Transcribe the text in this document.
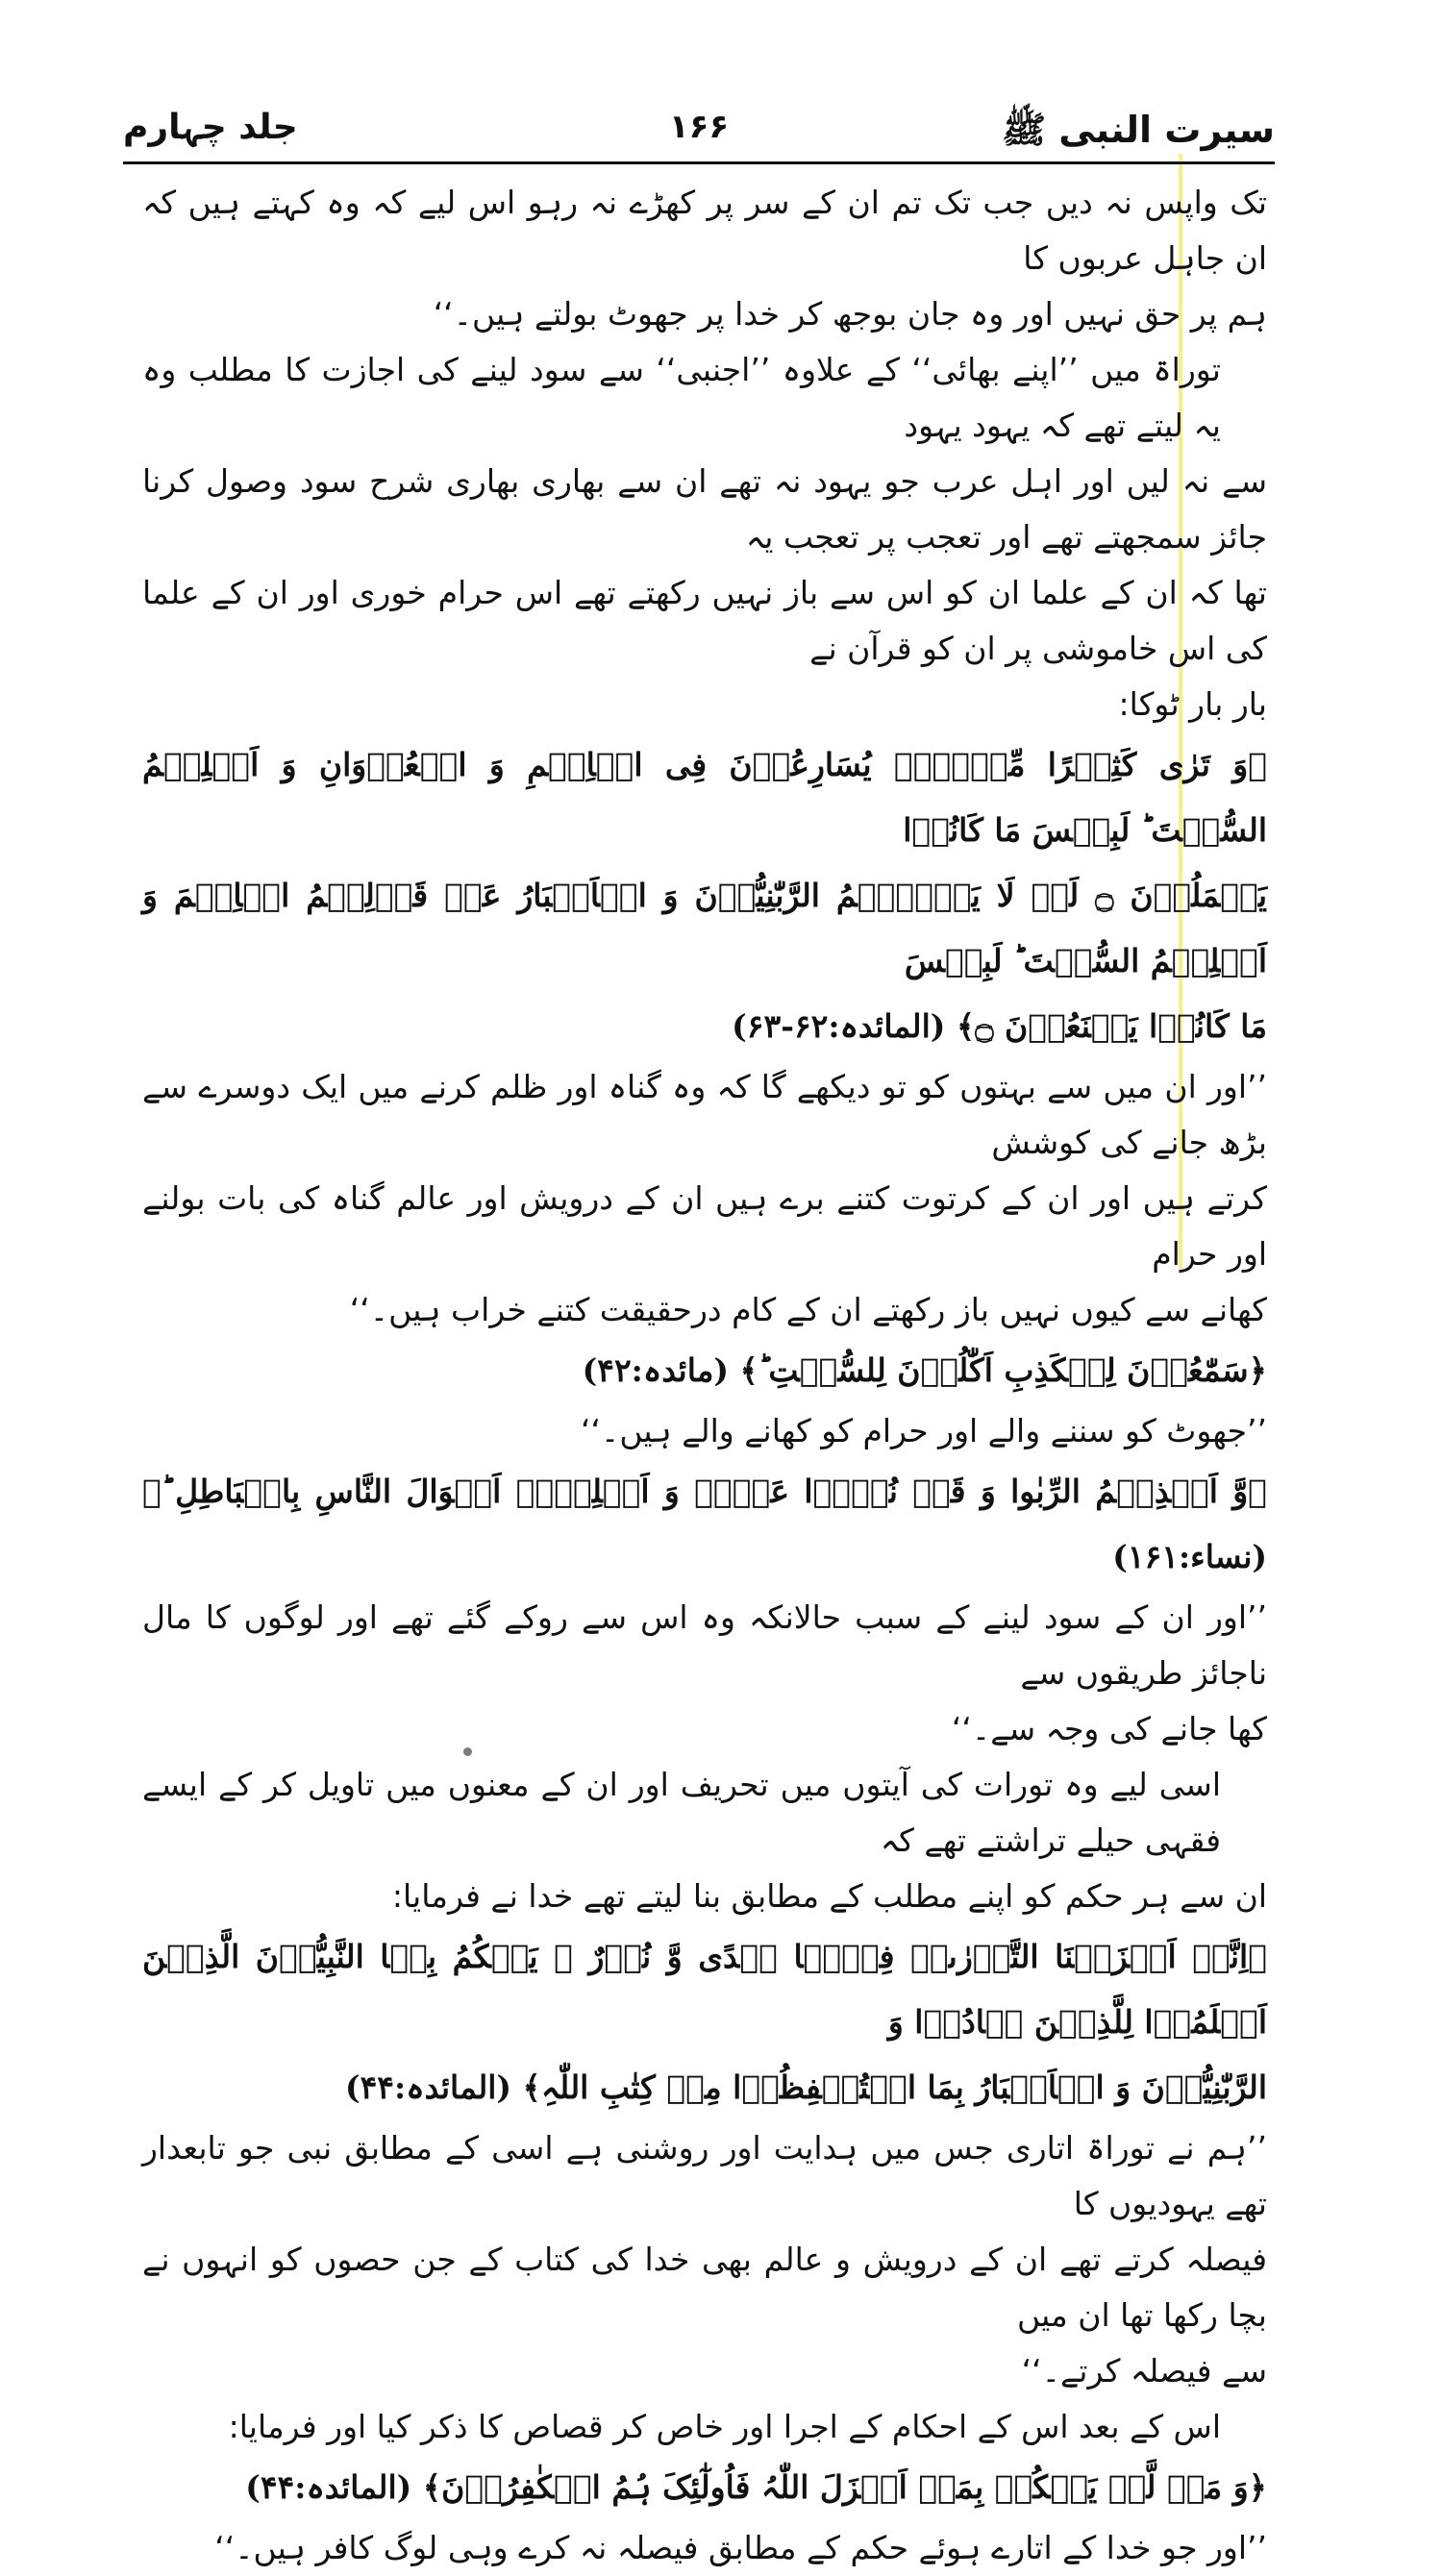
سیرت النبی ﷺ
۱۶۶
جلد چہارم

تک واپس نہ دیں جب تک تم ان کے سر پر کھڑے نہ رہو اس لیے کہ وہ کہتے ہیں کہ ان جاہل عربوں کا

ہم پر حق نہیں اور وہ جان بوجھ کر خدا پر جھوٹ بولتے ہیں۔‘‘

توراۃ میں ’’اپنے بھائی‘‘ کے علاوہ ’’اجنبی‘‘ سے سود لینے کی اجازت کا مطلب وہ یہ لیتے تھے کہ یہود یہود

سے نہ لیں اور اہل عرب جو یہود نہ تھے ان سے بھاری بھاری شرح سود وصول کرنا جائز سمجھتے تھے اور تعجب پر تعجب یہ

تھا کہ ان کے علما ان کو اس سے باز نہیں رکھتے تھے اس حرام خوری اور ان کے علما کی اس خاموشی پر ان کو قرآن نے

بار بار ٹوکا:

﴿وَ تَرٰی کَثِیۡرًا مِّنۡہُمۡ یُسَارِعُوۡنَ فِی الۡاِثۡمِ وَ الۡعُدۡوَانِ وَ اَکۡلِہِمُ السُّحۡتَ ؕ لَبِئۡسَ مَا کَانُوۡا

یَعۡمَلُوۡنَ ۝ لَوۡ لَا یَنۡہٰہُمُ الرَّبّٰنِیُّوۡنَ وَ الۡاَحۡبَارُ عَنۡ قَوۡلِہِمُ الۡاِثۡمَ وَ اَکۡلِہِمُ السُّحۡتَ ؕ لَبِئۡسَ

مَا کَانُوۡا یَصۡنَعُوۡنَ ۝﴾ (المائدہ:۶۲-۶۳)

’’اور ان میں سے بہتوں کو تو دیکھے گا کہ وہ گناہ اور ظلم کرنے میں ایک دوسرے سے بڑھ جانے کی کوشش

کرتے ہیں اور ان کے کرتوت کتنے برے ہیں ان کے درویش اور عالم گناہ کی بات بولنے اور حرام

کھانے سے کیوں نہیں باز رکھتے ان کے کام درحقیقت کتنے خراب ہیں۔‘‘

﴿سَمّٰعُوۡنَ لِلۡکَذِبِ اَکّٰلُوۡنَ لِلسُّحۡتِ ؕ﴾ (مائدہ:۴۲)

’’جھوٹ کو سننے والے اور حرام کو کھانے والے ہیں۔‘‘

﴿وَّ اَخۡذِہِمُ الرِّبٰوا وَ قَدۡ نُہُوۡا عَنۡہُ وَ اَکۡلِہِمۡ اَمۡوَالَ النَّاسِ بِالۡبَاطِلِ ؕ﴾ (نساء:۱۶۱)

’’اور ان کے سود لینے کے سبب حالانکہ وہ اس سے روکے گئے تھے اور لوگوں کا مال ناجائز طریقوں سے

کھا جانے کی وجہ سے۔‘‘

اسی لیے وہ تورات کی آیتوں میں تحریف اور ان کے معنوں میں تاویل کر کے ایسے فقہی حیلے تراشتے تھے کہ

ان سے ہر حکم کو اپنے مطلب کے مطابق بنا لیتے تھے خدا نے فرمایا:

﴿اِنَّاۤ اَنۡزَلۡنَا التَّوۡرٰىۃَ فِیۡہَا ہُدًی وَّ نُوۡرٌ ۚ یَحۡکُمُ بِہَا النَّبِیُّوۡنَ الَّذِیۡنَ اَسۡلَمُوۡا لِلَّذِیۡنَ ہَادُوۡا وَ

الرَّبّٰنِیُّوۡنَ وَ الۡاَحۡبَارُ بِمَا اسۡتُحۡفِظُوۡا مِنۡ کِتٰبِ اللّٰہِ﴾ (المائدہ:۴۴)

’’ہم نے توراۃ اتاری جس میں ہدایت اور روشنی ہے اسی کے مطابق نبی جو تابعدار تھے یہودیوں کا

فیصلہ کرتے تھے ان کے درویش و عالم بھی خدا کی کتاب کے جن حصوں کو انہوں نے بچا رکھا تھا ان میں

سے فیصلہ کرتے۔‘‘

اس کے بعد اس کے احکام کے اجرا اور خاص کر قصاص کا ذکر کیا اور فرمایا:

﴿وَ مَنۡ لَّمۡ یَحۡکُمۡ بِمَاۤ اَنۡزَلَ اللّٰہُ فَاُولٰٓئِکَ ہُمُ الۡکٰفِرُوۡنَ﴾ (المائدہ:۴۴)

’’اور جو خدا کے اتارے ہوئے حکم کے مطابق فیصلہ نہ کرے وہی لوگ کافر ہیں۔‘‘
